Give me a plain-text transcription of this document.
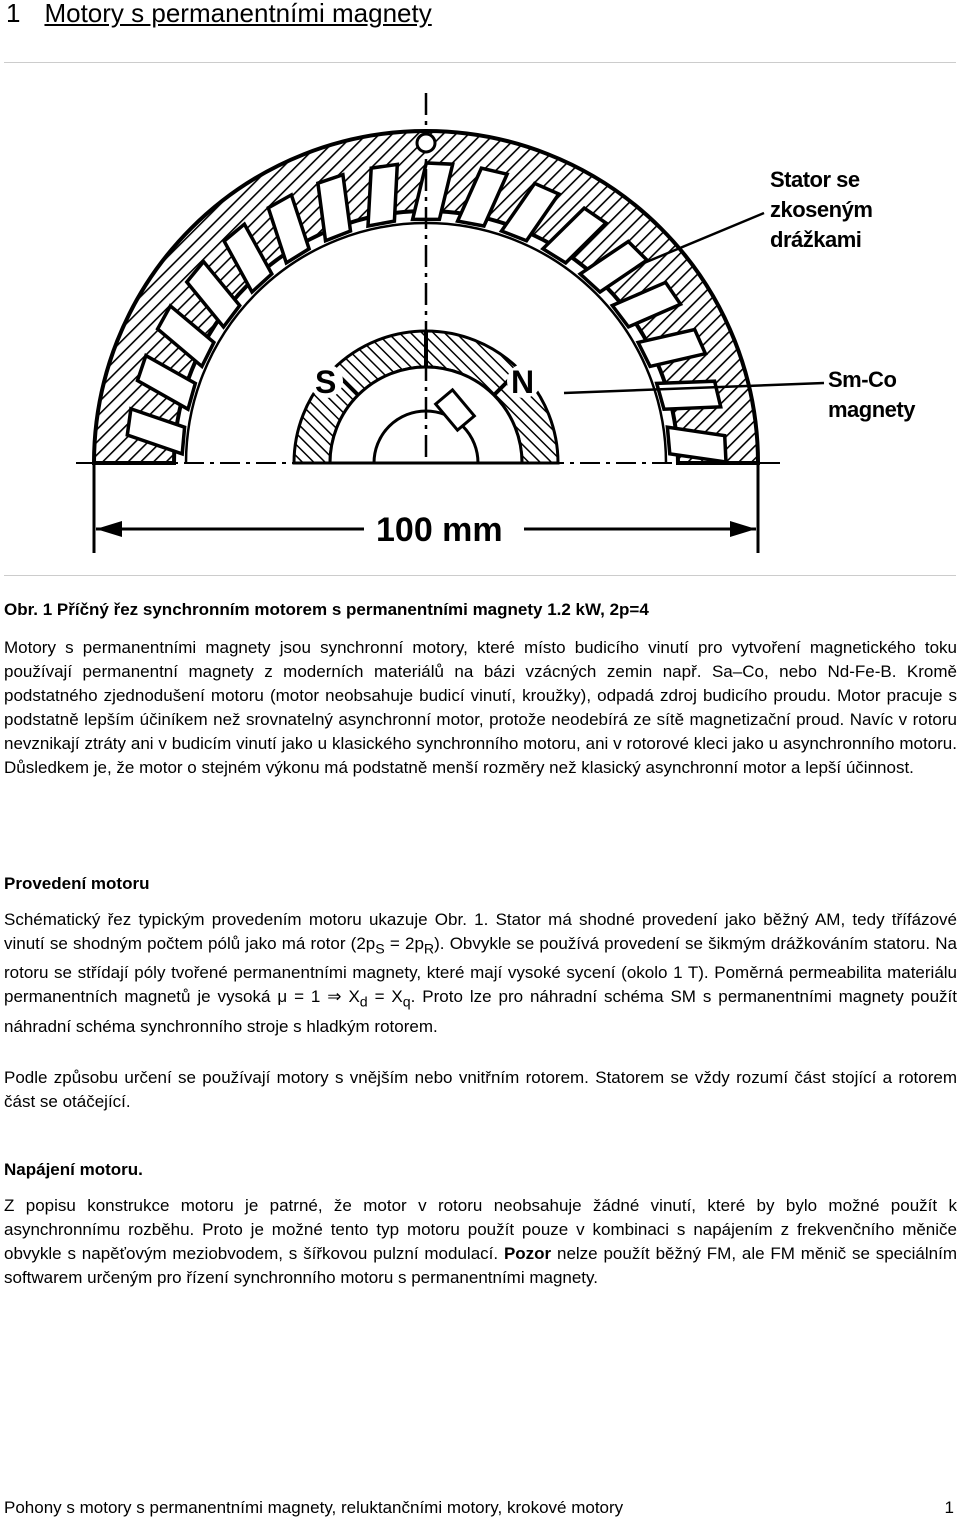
1 Motory s permanentními magnety
S	N
100 mm
Stator se
zkoseným
drážkami
Sm-Co
magnety
Obr. 1 Příčný řez synchronním motorem s permanentními magnety 1.2 kW, 2p=4

Motory s permanentními magnety jsou synchronní motory, které místo budicího vinutí pro vytvoření magnetického toku používají permanentní magnety z moderních materiálů na bázi vzácných zemin např. Sa–Co, nebo Nd-Fe-B. Kromě podstatného zjednodušení motoru (motor neobsahuje budicí vinutí, kroužky), odpadá zdroj budicího proudu. Motor pracuje s podstatně lepším účiníkem než srovnatelný asynchronní motor, protože neodebírá ze sítě magnetizační proud. Navíc v rotoru nevznikají ztráty ani v budicím vinutí jako u klasického synchronního motoru, ani v rotorové kleci jako u asynchronního motoru. Důsledkem je, že motor o stejném výkonu má podstatně menší rozměry než klasický asynchronní motor a lepší účinnost.

Provedení motoru

Schématický řez typickým provedením motoru ukazuje Obr. 1. Stator má shodné provedení jako běžný AM, tedy třífázové vinutí se shodným počtem pólů jako má rotor $(2p_S = 2p_R)$. Obvykle se používá provedení se šikmým drážkováním statoru. Na rotoru se střídají póly tvořené permanentními magnety, které mají vysoké sycení (okolo 1 T). Poměrná permeabilita materiálu permanentních magnetů je vysoká μ = 1 ⇒ $X_d = X_q$. Proto lze pro náhradní schéma SM s permanentními magnety použít náhradní schéma synchronního stroje s hladkým rotorem.

Podle způsobu určení se používají motory s vnějším nebo vnitřním rotorem. Statorem se vždy rozumí část stojící a rotorem část se otáčející.

Napájení motoru.

Z popisu konstrukce motoru je patrné, že motor v rotoru neobsahuje žádné vinutí, které by bylo možné použít k asynchronnímu rozběhu. Proto je možné tento typ motoru použít pouze v kombinaci s napájením z frekvenčního měniče obvykle s napěťovým meziobvodem, s šířkovou pulzní modulací. Pozor nelze použít běžný FM, ale FM měnič se speciálním softwarem určeným pro řízení synchronního motoru s permanentními magnety.

Pohony s motory s permanentními magnety, reluktančními motory, krokové motory	1
